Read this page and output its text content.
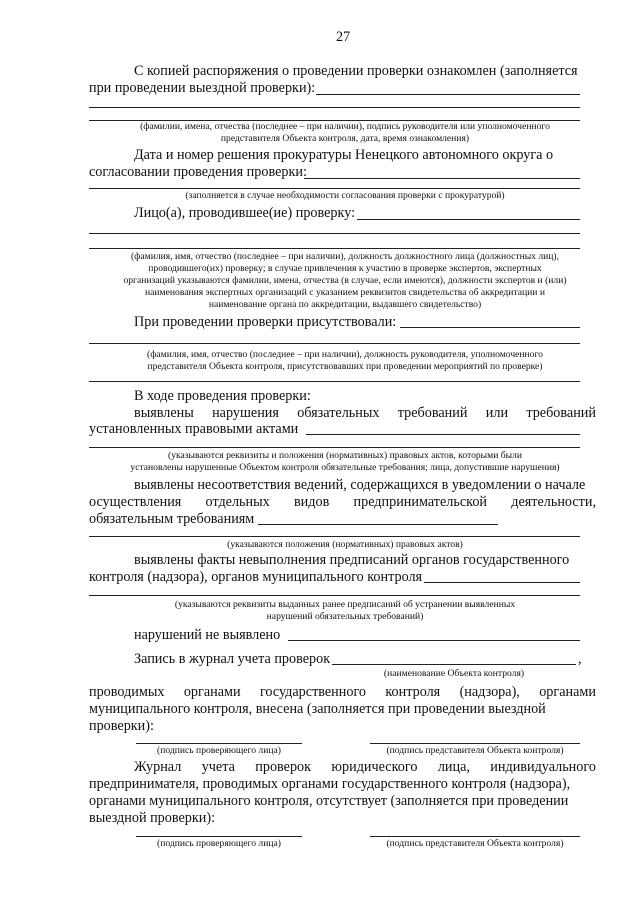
27
С копией распоряжения о проведении проверки ознакомлен (заполняется
при проведении выездной проверки):
(фамилии, имена, отчества (последнее – при наличии), подпись руководителя или уполномоченного
представителя Объекта контроля, дата, время ознакомления)
Дата и номер решения прокуратуры Ненецкого автономного округа о
согласовании проведения проверки:
(заполняется в случае необходимости согласования проверки с прокуратурой)
Лицо(а), проводившее(ие) проверку:
(фамилия, имя, отчество (последнее – при наличии), должность должностного лица (должностных лиц),
проводившего(их) проверку; в случае привлечения к участию в проверке экспертов, экспертных
организаций указываются фамилии, имена, отчества (в случае, если имеются), должности экспертов и (или)
наименования экспертных организаций с указанием реквизитов свидетельства об аккредитации и
наименование органа по аккредитации, выдавшего свидетельство)
При проведении проверки присутствовали:
(фамилия, имя, отчество (последнее – при наличии), должность руководителя, уполномоченного
представителя Объекта контроля, присутствовавших при проведении мероприятий по проверке)
В ходе проведения проверки:
выявлены нарушения обязательных требований или требований
установленных правовыми актами
(указываются реквизиты и положения (нормативных) правовых актов, которыми были
установлены нарушенные Объектом контроля обязательные требования; лица, допустившие нарушения)
выявлены несоответствия ведений, содержащихся в уведомлении о начале
осуществления отдельных видов предпринимательской деятельности,
обязательным требованиям
(указываются положения (нормативных) правовых актов)
выявлены факты невыполнения предписаний органов государственного
контроля (надзора), органов муниципального контроля
(указываются реквизиты выданных ранее предписаний об устранении выявленных
нарушений обязательных требований)
нарушений не выявлено
Запись в журнал учета проверок	,
(наименование Объекта контроля)
проводимых органами государственного контроля (надзора), органами
муниципального контроля, внесена (заполняется при проведении выездной
проверки):
(подпись проверяющего лица)	(подпись представителя Объекта контроля)
Журнал учета проверок юридического лица, индивидуального
предпринимателя, проводимых органами государственного контроля (надзора),
органами муниципального контроля, отсутствует (заполняется при проведении
выездной проверки):
(подпись проверяющего лица)	(подпись представителя Объекта контроля)
